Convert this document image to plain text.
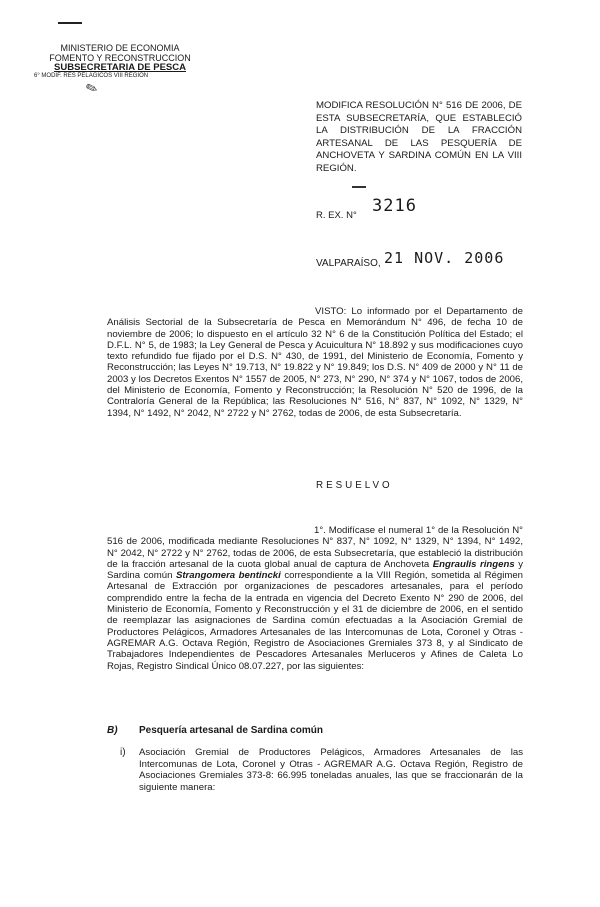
MINISTERIO DE ECONOMIA
FOMENTO Y RECONSTRUCCION
SUBSECRETARIA DE PESCA
6° MODIF. RES PELAGICOS VIII REGION
✎
MODIFICA RESOLUCIÓN N° 516 DE 2006, DE ESTA SUBSECRETARÍA, QUE ESTABLECIÓ LA DISTRIBUCIÓN DE LA FRACCIÓN ARTESANAL DE LAS PESQUERÍA DE ANCHOVETA Y SARDINA COMÚN EN LA VIII REGIÓN.
R. EX. N° 3216
VALPARAÍSO, 21 NOV. 2006
VISTO: Lo informado por el Departamento de Análisis Sectorial de la Subsecretaría de Pesca en Memorándum N° 496, de fecha 10 de noviembre de 2006; lo dispuesto en el artículo 32 N° 6 de la Constitución Política del Estado; el D.F.L. N° 5, de 1983; la Ley General de Pesca y Acuicultura N° 18.892 y sus modificaciones cuyo texto refundido fue fijado por el D.S. N° 430, de 1991, del Ministerio de Economía, Fomento y Reconstrucción; las Leyes N° 19.713, N° 19.822 y N° 19.849; los D.S. N° 409 de 2000 y N° 11 de 2003 y los Decretos Exentos N° 1557 de 2005, N° 273, N° 290, N° 374 y N° 1067, todos de 2006, del Ministerio de Economía, Fomento y Reconstrucción; la Resolución N° 520 de 1996, de la Contraloría General de la República; las Resoluciones N° 516, N° 837, N° 1092, N° 1329, N° 1394, N° 1492, N° 2042, N° 2722 y N° 2762, todas de 2006, de esta Subsecretaría.
RESUELVO
1°. Modifícase el numeral 1° de la Resolución N° 516 de 2006, modificada mediante Resoluciones N° 837, N° 1092, N° 1329, N° 1394, N° 1492, N° 2042, N° 2722 y N° 2762, todas de 2006, de esta Subsecretaría, que estableció la distribución de la fracción artesanal de la cuota global anual de captura de Anchoveta Engraulis ringens y Sardina común Strangomera bentincki correspondiente a la VIII Región, sometida al Régimen Artesanal de Extracción por organizaciones de pescadores artesanales, para el período comprendido entre la fecha de la entrada en vigencia del Decreto Exento N° 290 de 2006, del Ministerio de Economía, Fomento y Reconstrucción y el 31 de diciembre de 2006, en el sentido de reemplazar las asignaciones de Sardina común efectuadas a la Asociación Gremial de Productores Pelágicos, Armadores Artesanales de las Intercomunas de Lota, Coronel y Otras - AGREMAR A.G. Octava Región, Registro de Asociaciones Gremiales 373 8, y al Sindicato de Trabajadores Independientes de Pescadores Artesanales Merluceros y Afines de Caleta Lo Rojas, Registro Sindical Único 08.07.227, por las siguientes:
B) Pesquería artesanal de Sardina común
i) Asociación Gremial de Productores Pelágicos, Armadores Artesanales de las Intercomunas de Lota, Coronel y Otras - AGREMAR A.G. Octava Región, Registro de Asociaciones Gremiales 373-8: 66.995 toneladas anuales, las que se fraccionarán de la siguiente manera:
